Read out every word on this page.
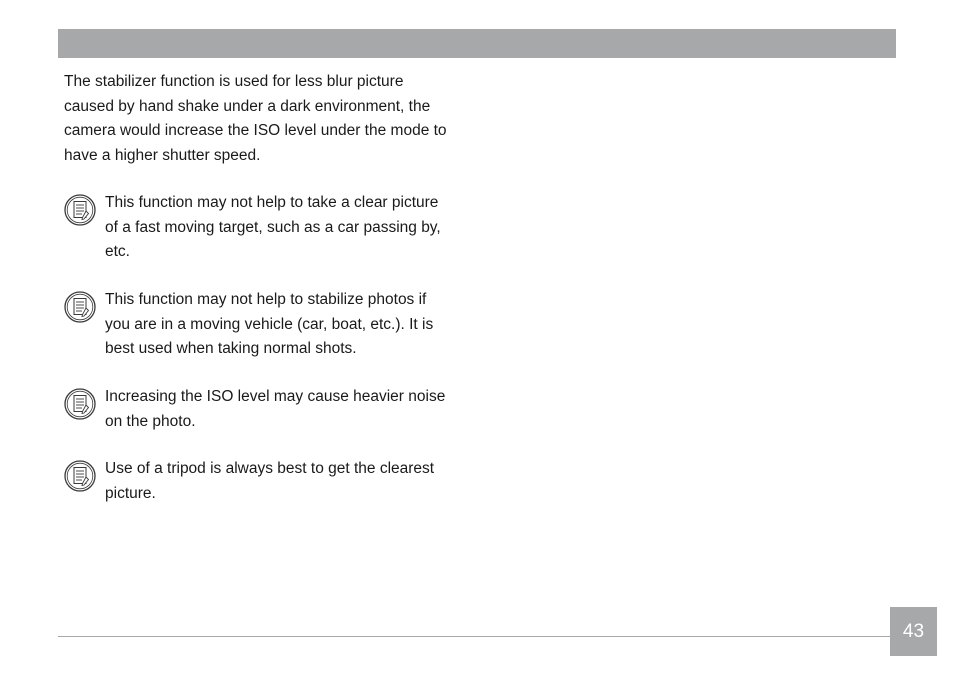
The stabilizer function is used for less blur picture
caused by hand shake under a dark environment, the
camera would increase the ISO level under the mode to
have a higher shutter speed.

This function may not help to take a clear picture
of a fast moving target, such as a car passing by,
etc.

This function may not help to stabilize photos if
you are in a moving vehicle (car, boat, etc.). It is
best used when taking normal shots.

Increasing the ISO level may cause heavier noise
on the photo.

Use of a tripod is always best to get the clearest
picture.

43
